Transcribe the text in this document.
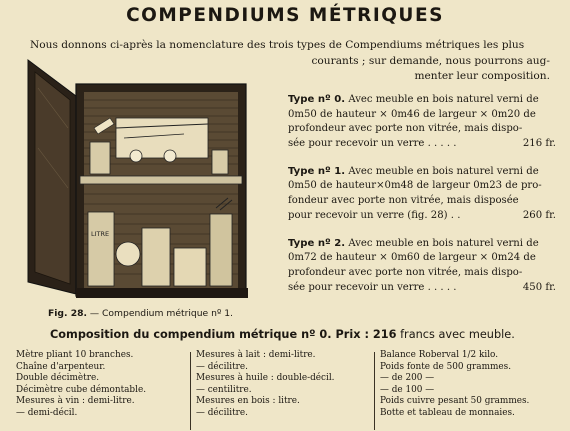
COMPENDIUMS MÉTRIQUES

Nous donnons ci-après la nomenclature des trois types de Compendiums métriques les plus
courants ; sur demande, nous pourrons aug-
menter leur composition.

LITRE
Fig. 28. — Compendium métrique nº 1.

Type nº 0. Avec meuble en bois naturel verni de
0m50 de hauteur × 0m46 de largeur × 0m20 de
profondeur avec porte non vitrée, mais dispo-
sée pour recevoir un verre . . . . .	216 fr.

Type nº 1. Avec meuble en bois naturel verni de
0m50 de hauteur×0m48 de largeur 0m23 de pro-
fondeur avec porte non vitrée, mais disposée
pour recevoir un verre (fig. 28) . .	260 fr.

Type nº 2. Avec meuble en bois naturel verni de
0m72 de hauteur × 0m60 de largeur × 0m24 de
profondeur avec porte non vitrée, mais dispo-
sée pour recevoir un verre . . . . .	450 fr.

Composition du compendium métrique nº 0. Prix : 216 francs avec meuble.
Mètre pliant 10 branches.
Chaîne d'arpenteur.
Double décimètre.
Décimètre cube démontable.
Mesures à vin : demi-litre.
— demi-décil.
Mesures à lait : demi-litre.
— décilitre.
Mesures à huile : double-décil.
— centilitre.
Mesures en bois : litre.
— décilitre.
Balance Roberval 1/2 kilo.
Poids fonte de 500 grammes.
— de 200 —
— de 100 —
Poids cuivre pesant 50 grammes.
Botte et tableau de monnaies.
